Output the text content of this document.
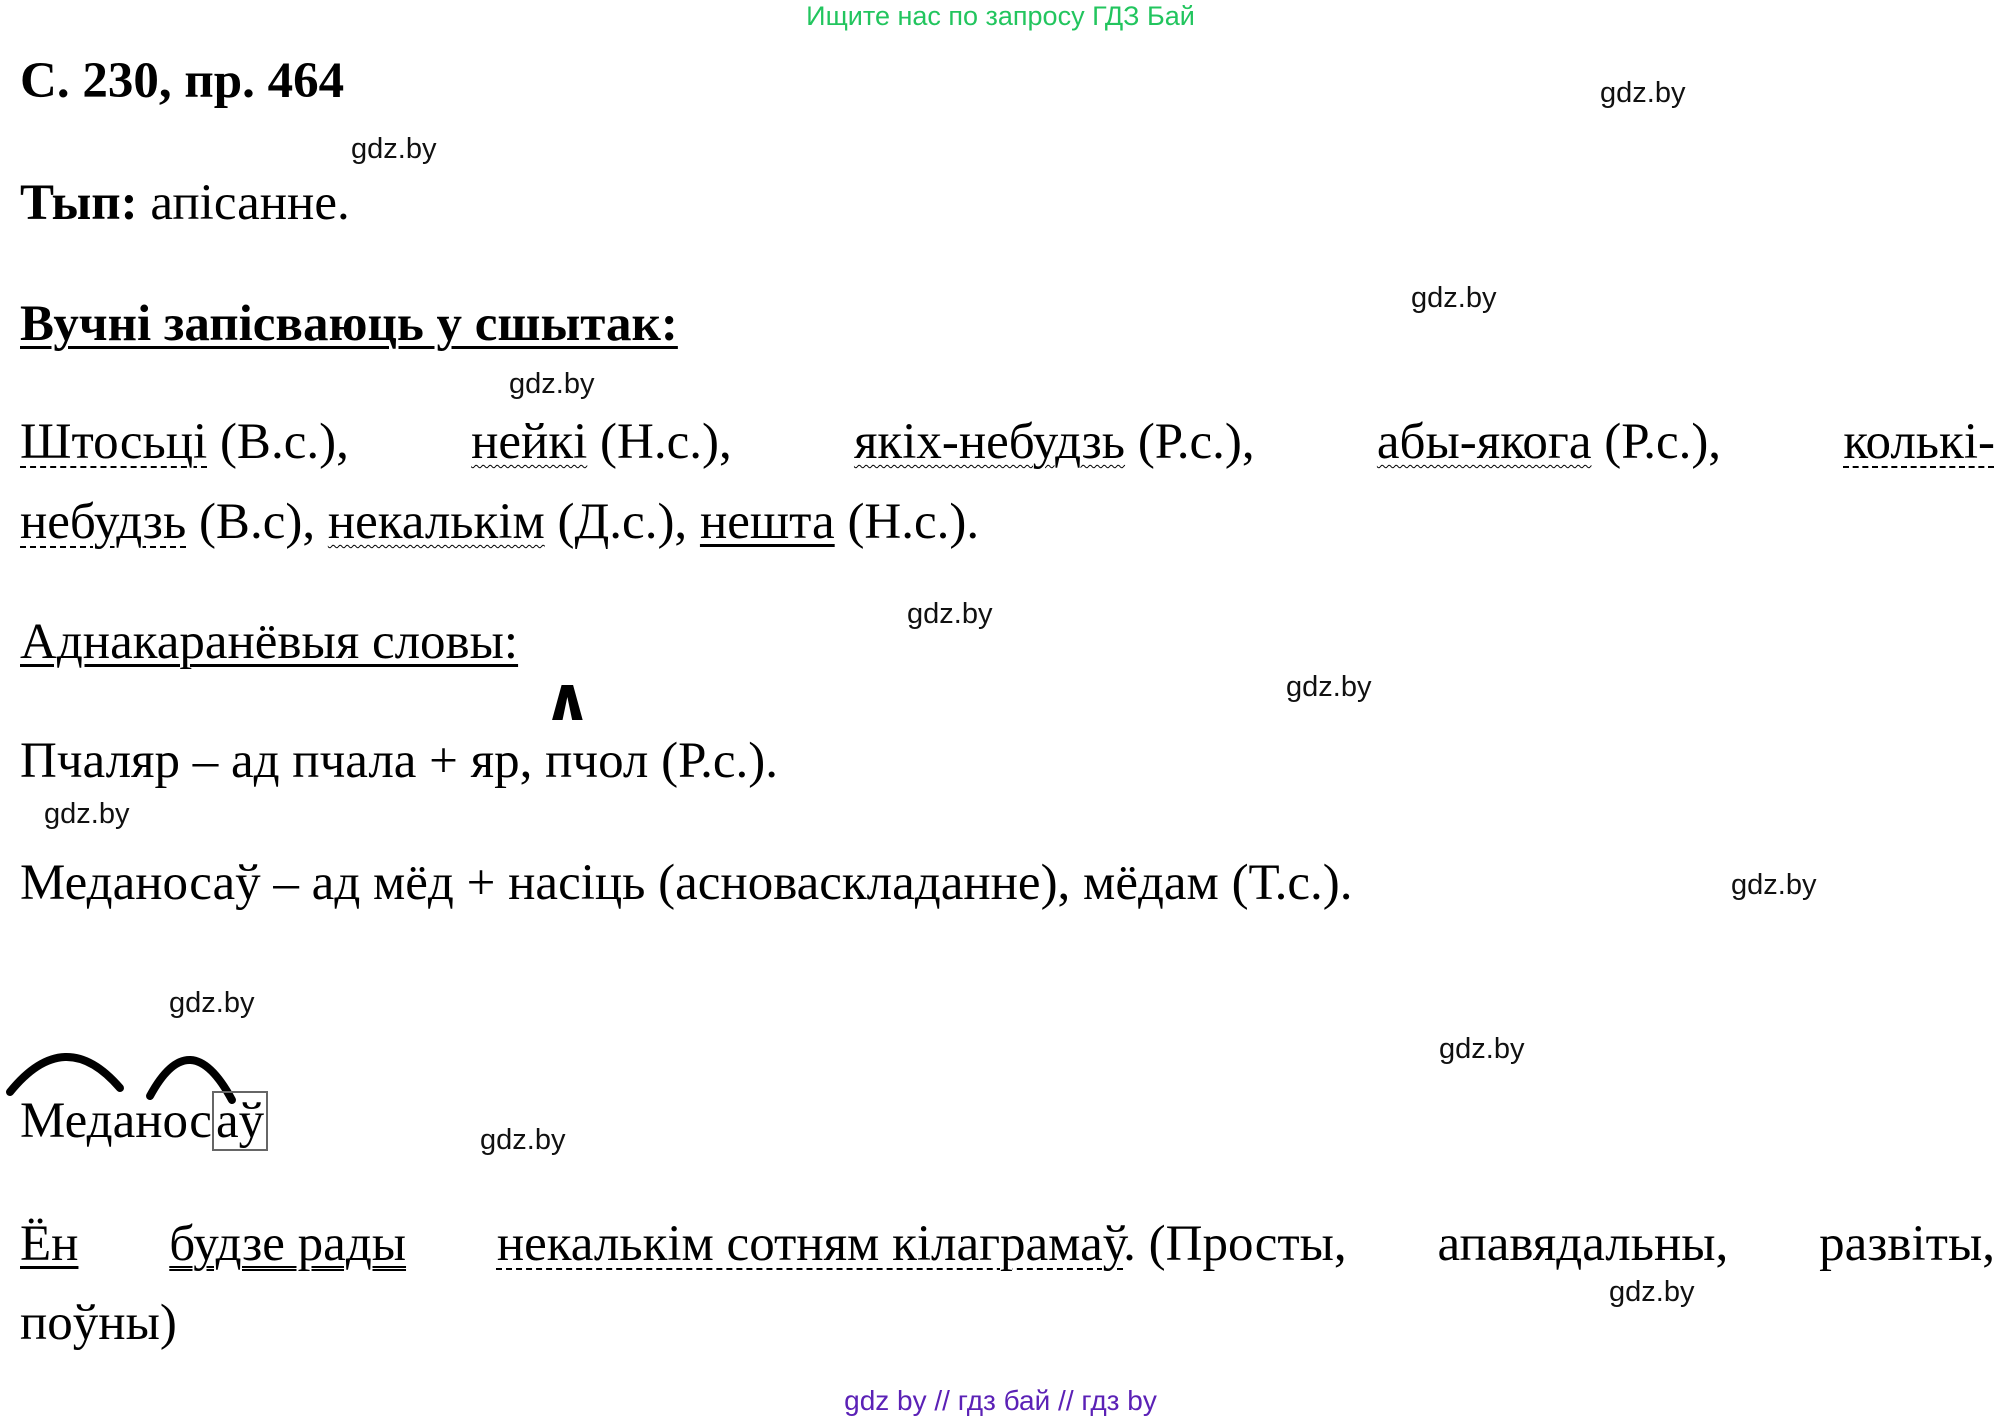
Ищите нас по запросу ГДЗ Бай
С. 230, пр. 464
Тып: апісанне.
Вучні запісваюць у сшытак:
Штосьці (В.с.), нейкі (Н.с.), якіх-небудзь (Р.с.), абы-якога (Р.с.), колькі-
небудзь (В.с), некалькім (Д.с.), нешта (Н.с.).
Аднакаранёвыя словы:
∧
Пчаляр – ад пчала + яр, пчол (Р.с.).
Меданосаў – ад мёд + насіць (асноваскладанне), мёдам (Т.с.).
Меданосаў
Ён будзе рады некалькім сотням кілаграмаў. (Просты, апавядальны, развіты,
поўны)
gdz.by
gdz.by
gdz.by
gdz.by
gdz.by
gdz.by
gdz.by
gdz.by
gdz.by
gdz.by
gdz.by
gdz.by
gdz by // гдз бай // гдз by
